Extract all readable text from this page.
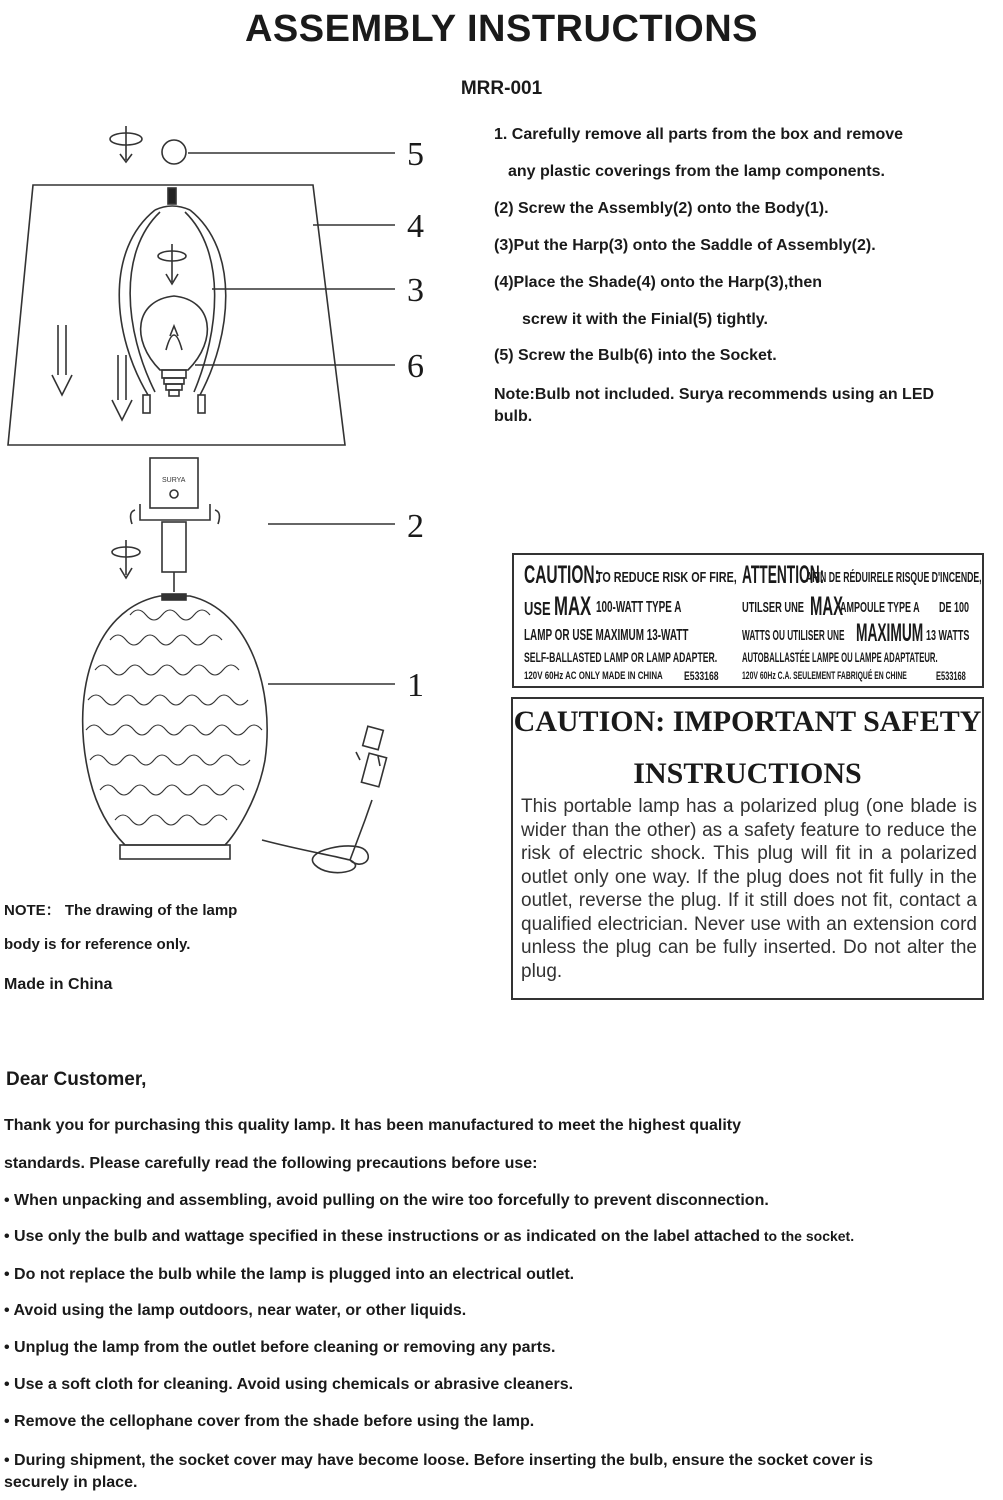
ASSEMBLY INSTRUCTIONS
MRR-001
SURYA
5
4
3
6
2
1
1. Carefully remove all parts from the box and remove
any plastic coverings from the lamp components.
(2) Screw the Assembly(2) onto the Body(1).
(3)Put the Harp(3) onto the Saddle of Assembly(2).
(4)Place the Shade(4) onto the Harp(3),then
screw it with the Finial(5) tightly.
(5) Screw the Bulb(6) into the Socket.
Note:Bulb not included. Surya recommends using an LED
bulb.
CAUTION:
TO REDUCE RISK OF FIRE,
USE MAX 100-WATT TYPE A
LAMP OR USE MAXIMUM 13-WATT
SELF-BALLASTED LAMP OR LAMP ADAPTER.
120V 60Hz AC ONLY MADE IN CHINA E533168
ATTENTION:
AFIN DE RÉDUIRELE RISQUE D'INCENDE,
UTILSER UNE MAX
AMPOULE TYPE A DE 100
WATTS OU UTILISER UNE MAXIMUM 13 WATTS
AUTOBALLASTÉE LAMPE OU LAMPE ADAPTATEUR.
120V 60Hz C.A. SEULEMENT FABRIQUÉ EN CHINE E533168
CAUTION: IMPORTANT SAFETY
INSTRUCTIONS
This portable lamp has a polarized plug (one blade is wider than the other) as a safety feature to reduce the risk of electric shock. This plug will fit in a polarized outlet only one way. If the plug does not fit fully in the outlet, reverse the plug. If it still does not fit, contact a qualified electrician. Never use with an extension cord unless the plug can be fully inserted. Do not alter the plug.
NOTE： The drawing of the lamp
body is for reference only.
Made in China
Dear Customer,
Thank you for purchasing this quality lamp. It has been manufactured to meet the highest quality
standards. Please carefully read the following precautions before use:
• When unpacking and assembling, avoid pulling on the wire too forcefully to prevent disconnection.
• Use only the bulb and wattage specified in these instructions or as indicated on the label attached to the socket.
• Do not replace the bulb while the lamp is plugged into an electrical outlet.
• Avoid using the lamp outdoors, near water, or other liquids.
• Unplug the lamp from the outlet before cleaning or removing any parts.
• Use a soft cloth for cleaning. Avoid using chemicals or abrasive cleaners.
• Remove the cellophane cover from the shade before using the lamp.
• During shipment, the socket cover may have become loose. Before inserting the bulb, ensure the socket cover is
securely in place.
